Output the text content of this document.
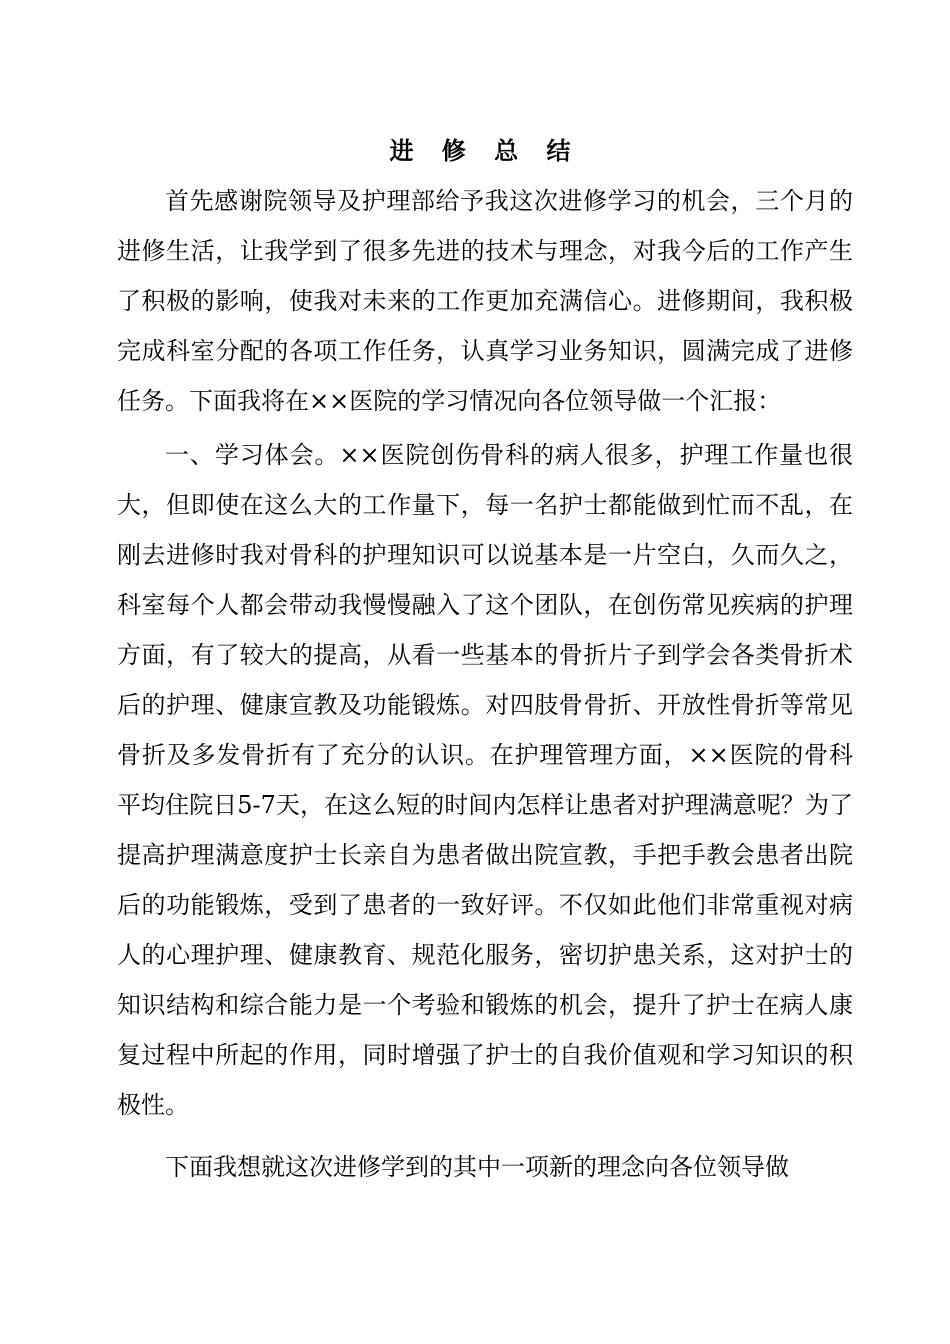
进 修 总 结

首先感谢院领导及护理部给予我这次进修学习的机会，三个月的进修生活，让我学到了很多先进的技术与理念，对我今后的工作产生了积极的影响，使我对未来的工作更加充满信心。进修期间，我积极完成科室分配的各项工作任务，认真学习业务知识，圆满完成了进修任务。下面我将在××医院的学习情况向各位领导做一个汇报：

一、学习体会。××医院创伤骨科的病人很多，护理工作量也很大，但即使在这么大的工作量下，每一名护士都能做到忙而不乱，在刚去进修时我对骨科的护理知识可以说基本是一片空白，久而久之，科室每个人都会带动我慢慢融入了这个团队，在创伤常见疾病的护理方面，有了较大的提高，从看一些基本的骨折片子到学会各类骨折术后的护理、健康宣教及功能锻炼。对四肢骨骨折、开放性骨折等常见骨折及多发骨折有了充分的认识。在护理管理方面，××医院的骨科平均住院日5-7天，在这么短的时间内怎样让患者对护理满意呢？为了提高护理满意度护士长亲自为患者做出院宣教，手把手教会患者出院后的功能锻炼，受到了患者的一致好评。不仅如此他们非常重视对病人的心理护理、健康教育、规范化服务，密切护患关系，这对护士的知识结构和综合能力是一个考验和锻炼的机会，提升了护士在病人康复过程中所起的作用，同时增强了护士的自我价值观和学习知识的积极性。

下面我想就这次进修学到的其中一项新的理念向各位领导做
